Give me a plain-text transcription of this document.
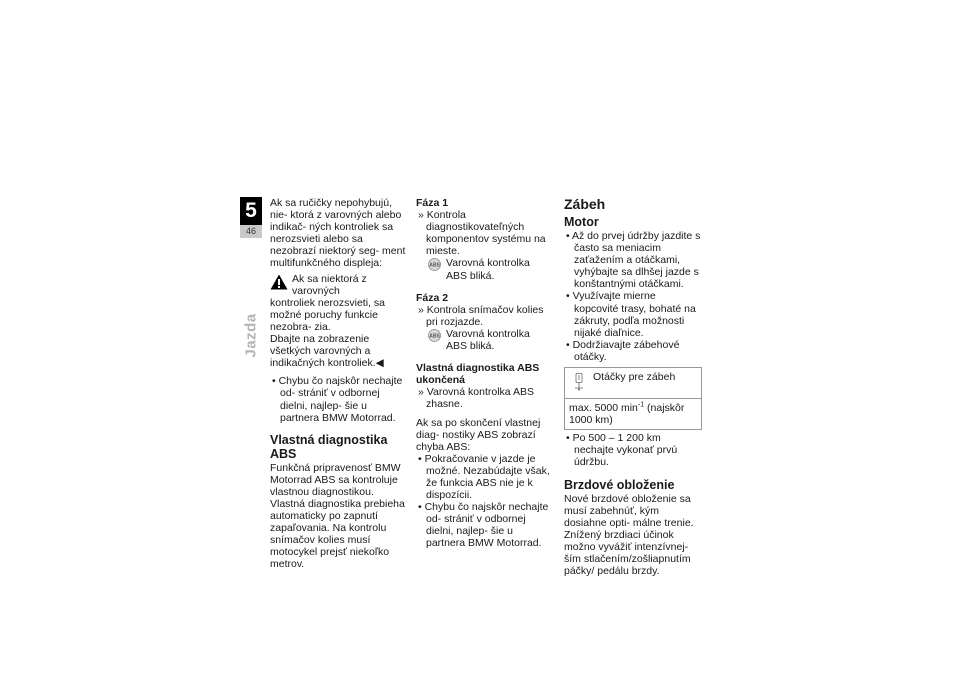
5
46
Jazda

Ak sa ručičky nepohybujú, nie- ktorá z varovných alebo indikač- ných kontroliek sa nerozsvieti alebo sa nezobrazí niektorý seg- ment multifunkčného displeja:

Ak sa niektorá z varovných

kontroliek nerozsvieti, sa možné poruchy funkcie nezobra- zia.

Dbajte na zobrazenie všetkých varovných a indikačných kontroliek.◀

• Chybu čo najskôr nechajte od- strániť v odbornej dielni, najlep- šie u partnera BMW Motorrad.

Vlastná diagnostika ABS

Funkčná pripravenosť BMW Motorrad ABS sa kontroluje vlastnou diagnostikou. Vlastná diagnostika prebieha automaticky po zapnutí zapaľovania. Na kontrolu snímačov kolies musí motocykel prejsť niekoľko metrov.

Fáza 1

» Kontrola diagnostikovateľných komponentov systému na mieste.

ABS Varovná kontrolka ABS bliká.

Fáza 2

» Kontrola snímačov kolies pri rozjazde.

ABS Varovná kontrolka ABS bliká.

Vlastná diagnostika ABS ukončená

» Varovná kontrolka ABS zhasne.

Ak sa po skončení vlastnej diag- nostiky ABS zobrazí chyba ABS:

• Pokračovanie v jazde je možné. Nezabúdajte však, že funkcia ABS nie je k dispozícii.

• Chybu čo najskôr nechajte od- strániť v odbornej dielni, najlep- šie u partnera BMW Motorrad.

Zábeh
Motor

• Až do prvej údržby jazdite s často sa meniacim zaťažením a otáčkami, vyhýbajte sa dlhšej jazde s konštantnými otáčkami.

• Využívajte mierne kopcovité trasy, bohaté na zákruty, podľa možnosti nijaké diaľnice.

• Dodržiavajte zábehové otáčky.

Otáčky pre zábeh

max. 5000 $\min^{-1}$ (najskôr 1000 km)

• Po 500 – 1 200 km nechajte vykonať prvú údržbu.

Brzdové obloženie

Nové brzdové obloženie sa musí zabehnúť, kým dosiahne opti- málne trenie. Znížený brzdiaci účinok možno vyvážiť intenzívnej- ším stlačením/zošliapnutím páčky/ pedálu brzdy.
